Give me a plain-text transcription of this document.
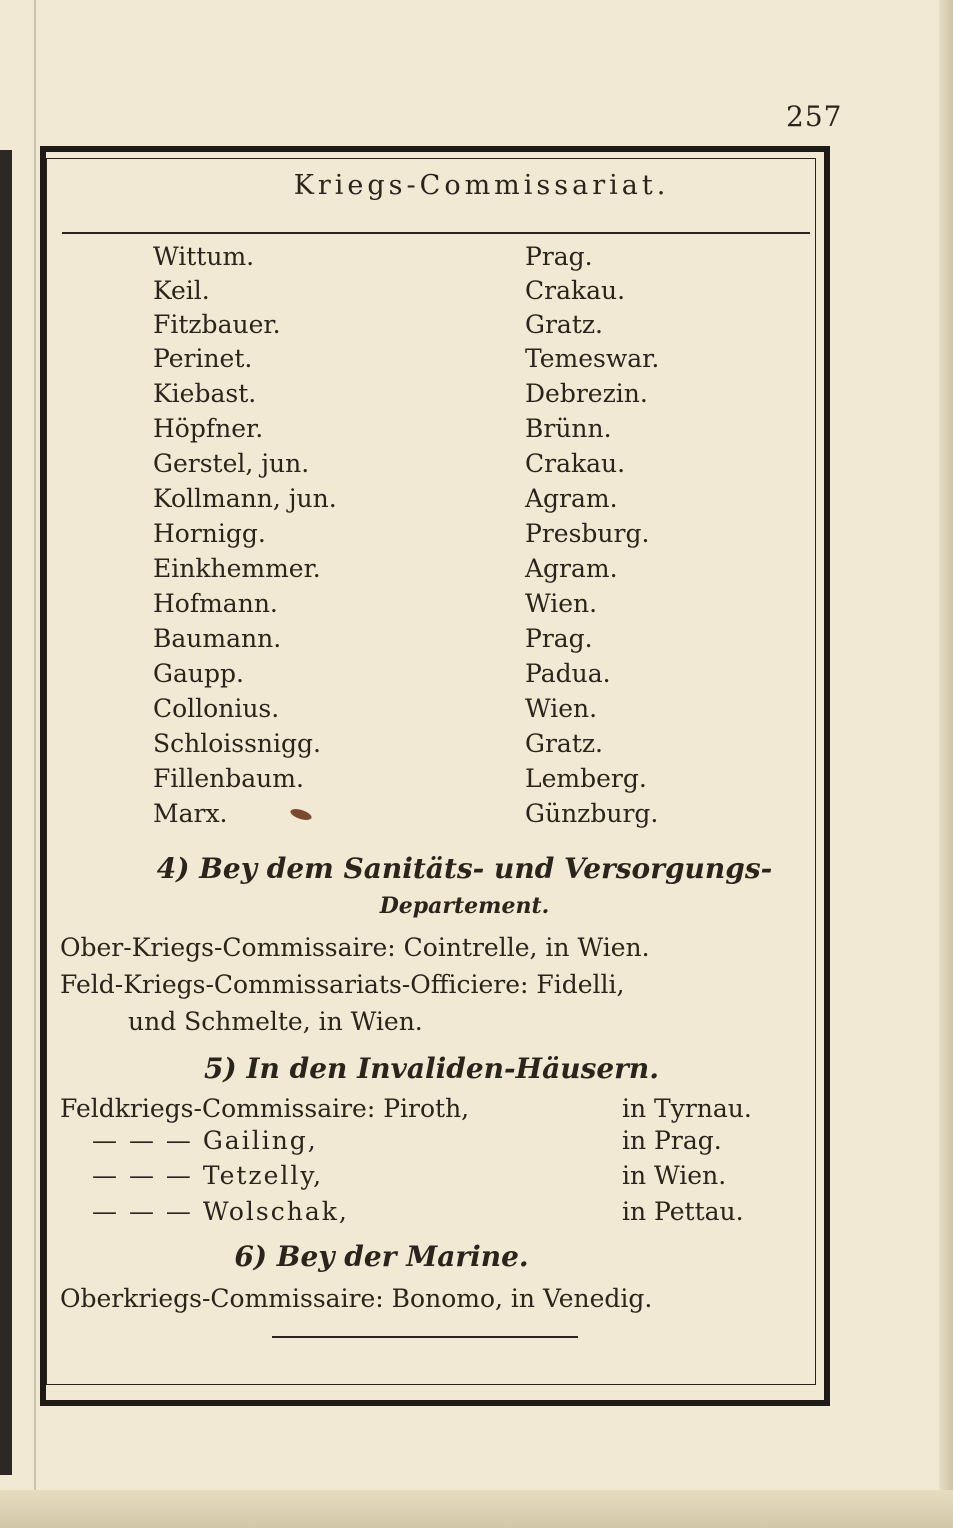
257
Kriegs-Commissariat.
Wittum.	Prag.
Keil.	Crakau.
Fitzbauer.	Gratz.
Perinet.	Temeswar.
Kiebast.	Debrezin.
Höpfner.	Brünn.
Gerstel, jun.	Crakau.
Kollmann, jun.	Agram.
Hornigg.	Presburg.
Einkhemmer.	Agram.
Hofmann.	Wien.
Baumann.	Prag.
Gaupp.	Padua.
Collonius.	Wien.
Schloissnigg.	Gratz.
Fillenbaum.	Lemberg.
Marx.	Günzburg.
4) Bey dem Sanitäts- und Versorgungs-
Departement.
Ober-Kriegs-Commissaire: Cointrelle, in Wien.
Feld-Kriegs-Commissariats-Officiere: Fidelli,
und Schmelte, in Wien.
5) In den Invaliden-Häusern.
Feldkriegs-Commissaire: Piroth,	in Tyrnau.
— — — Gailing,	in Prag.
— — — Tetzelly,	in Wien.
— — — Wolschak,	in Pettau.
6) Bey der Marine.
Oberkriegs-Commissaire: Bonomo, in Venedig.
